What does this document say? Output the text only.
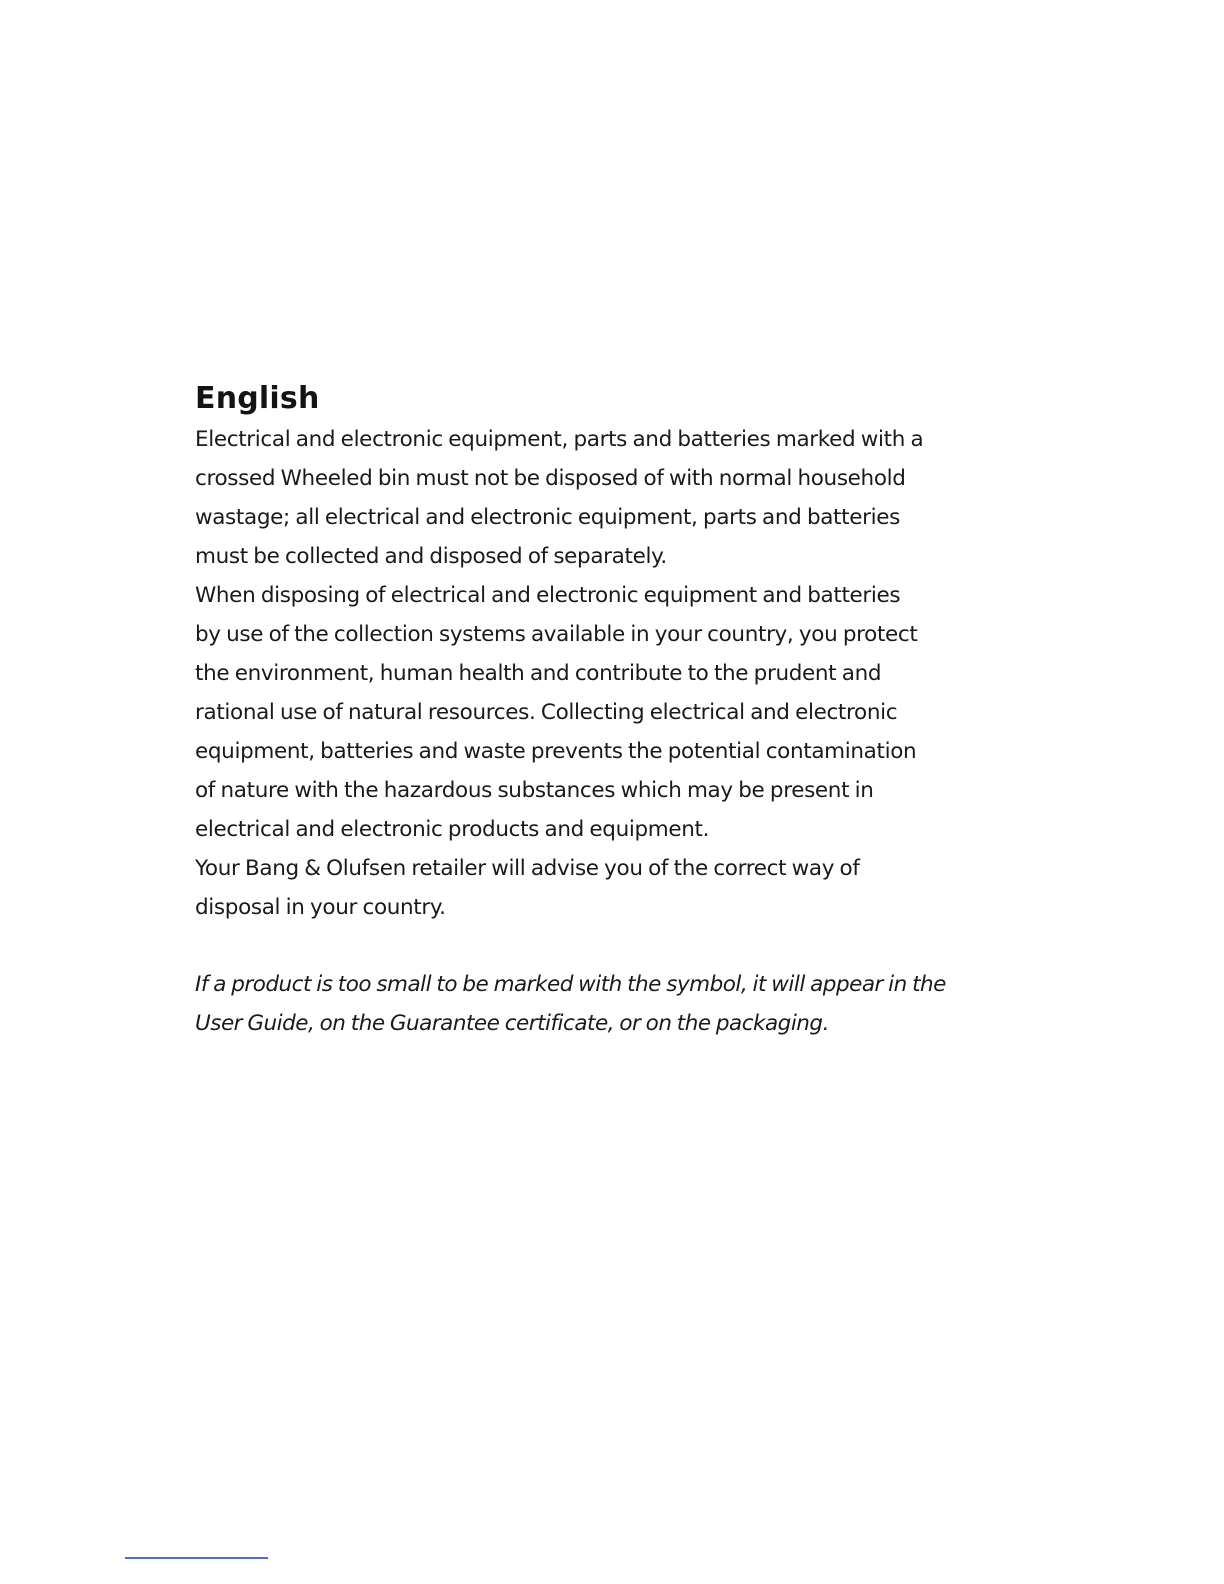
English
Electrical and electronic equipment, parts and batteries marked with a
crossed Wheeled bin must not be disposed of with normal household
wastage; all electrical and electronic equipment, parts and batteries
must be collected and disposed of separately.
When disposing of electrical and electronic equipment and batteries
by use of the collection systems available in your country, you protect
the environment, human health and contribute to the prudent and
rational use of natural resources. Collecting electrical and electronic
equipment, batteries and waste prevents the potential contamination
of nature with the hazardous substances which may be present in
electrical and electronic products and equipment.
Your Bang & Olufsen retailer will advise you of the correct way of
disposal in your country.
If a product is too small to be marked with the symbol, it will appear in the
User Guide, on the Guarantee certificate, or on the packaging.
